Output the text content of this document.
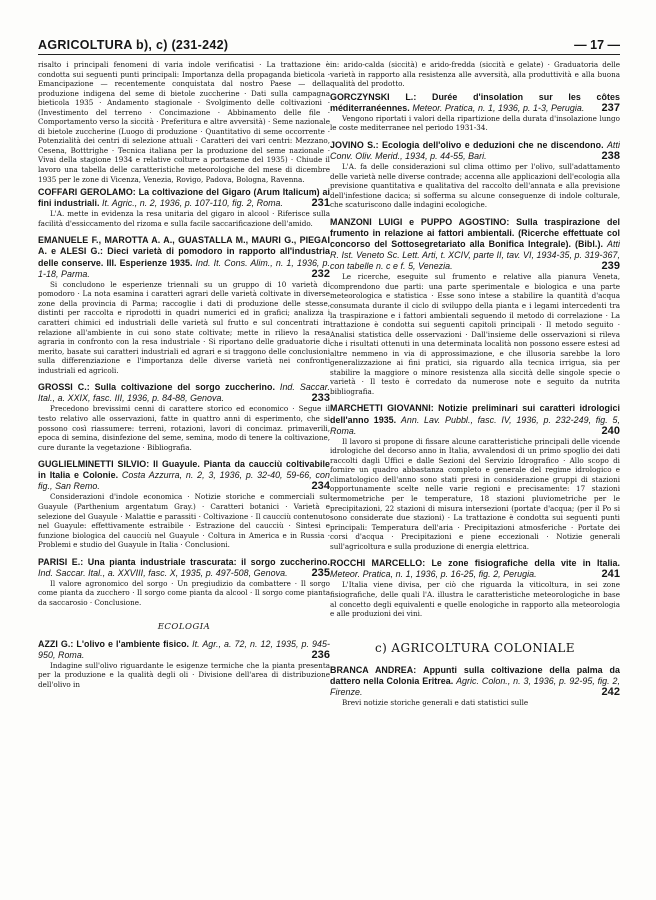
AGRICOLTURA b), c) (231-242)	— 17 —

risalto i principali fenomeni di varia indole verificatisi · La trattazione è condotta sui seguenti punti principali: Importanza della propaganda bieticola · Emancipazione — recentemente conquistata dal nostro Paese — della produzione indigena del seme di bietole zuccherine · Dati sulla campagna bieticola 1935 · Andamento stagionale · Svolgimento delle coltivazioni · (Investimento del terreno · Concimazione · Abbinamento delle file · Comportamento verso la siccità · Preferitura e altre avversità) · Seme nazionale di bietole zuccherine (Luogo di produzione · Quantitativo di seme occorrente · Potenzialità dei centri di selezione attuali · Caratteri dei vari centri: Mezzano, Cesena, Botttrighe · Tecnica italiana per la produzione del seme nazionale · Vivai della stagione 1934 e relative colture a portaseme del 1935) · Chiude il lavoro una tabella delle caratteristiche meteorologiche del mese di dicembre 1935 per le zone di Vicenza, Venezia, Rovigo, Padova, Bologna, Ravenna.

COFFARI GEROLAMO: La coltivazione del Gigaro (Arum Italicum) ai fini industriali. It. Agric., n. 2, 1936, p. 107-110, fig. 2, Roma.	231

L'A. mette in evidenza la resa unitaria del gigaro in alcool · Riferisce sulla facilità d'essiccamento del rizoma e sulla facile saccarificazione dell'amido.

EMANUELE F., MAROTTA A. A., GUASTALLA M., MAURI G., PIEGAI A. e ALESI G.: Dieci varietà di pomodoro in rapporto all'industria delle conserve. III. Esperienze 1935. Ind. It. Cons. Alim., n. 1, 1936, p. 1-18, Parma.	232

Si concludono le esperienze triennali su un gruppo di 10 varietà di pomodoro · La nota esamina i caratteri agrari delle varietà coltivate in diverse zone della provincia di Parma; raccoglie i dati di produzione delle stesse, distinti per raccolta e riprodotti in quadri numerici ed in grafici; analizza i caratteri chimici ed industriali delle varietà sul frutto e sul concentrati in relazione all'ambiente in cui sono state coltivate; mette in rilievo la resa agraria in confronto con la resa industriale · Si riportano delle graduatorie di merito, basate sui caratteri industriali ed agrari e si traggono delle conclusioni sulla differenziazione e l'importanza delle diverse varietà nei confronti industriali ed agricoli.

GROSSI C.: Sulla coltivazione del sorgo zuccherino. Ind. Saccar. Ital., a. XXIX, fasc. III, 1936, p. 84-88, Genova.	233

Precedono brevissimi cenni di carattere storico ed economico · Segue il testo relativo alle osservazioni, fatte in quattro anni di esperimento, che si possono così riassumere: terreni, rotazioni, lavori di concimaz. primaverili, epoca di semina, disinfezione del seme, semina, modo di tenere la coltivazione, cure durante la vegetazione · Bibliografia.

GUGLIELMINETTI SILVIO: Il Guayule. Pianta da caucciù coltivabile in Italia e Colonie. Costa Azzurra, n. 2, 3, 1936, p. 32-40, 59-66, con fig., San Remo.	234

Considerazioni d'indole economica · Notizie storiche e commerciali sul Guayule (Parthenium argentatum Gray.) · Caratteri botanici · Varietà e selezione del Guayule · Malattie e parassiti · Coltivazione · Il caucciù contenuto nel Guayule: effettivamente estraibile · Estrazione del caucciù · Sintesi e funzione biologica del caucciù nel Guayule · Coltura in America e in Russia · Problemi e studio del Guayule in Italia · Conclusioni.

PARISI E.: Una pianta industriale trascurata: il sorgo zuccherino. Ind. Saccar. Ital., a. XXVIII, fasc. X, 1935, p. 497-508, Genova. 235

Il valore agronomico del sorgo · Un pregiudizio da combattere · Il sorgo come pianta da zucchero · Il sorgo come pianta da alcool · Il sorgo come pianta da saccarosio · Conclusione.

ECOLOGIA

AZZI G.: L'olivo e l'ambiente fisico. It. Agr., a. 72, n. 12, 1935, p. 945-950, Roma.	236

Indagine sull'olivo riguardante le esigenze termiche che la pianta presenta per la produzione e la qualità degli oli · Divisione dell'area di distribuzione dell'olivo in

in: arido-calda (siccità) e arido-fredda (siccità e gelate) · Graduatoria delle varietà in rapporto alla resistenza alle avversità, alla produttività e alla buona qualità del prodotto.

GORCZYNSKI L.: Durée d'insolation sur les côtes méditerranéennes. Meteor. Pratica, n. 1, 1936, p. 1-3, Perugia. 237

Vengono riportati i valori della ripartizione della durata d'insolazione lungo le coste mediterranee nel periodo 1931-34.

JOVINO S.: Ecologia dell'olivo e deduzioni che ne discendono. Atti Conv. Oliv. Merid., 1934, p. 44-55, Bari.	238

L'A. fa delle considerazioni sul clima ottimo per l'olivo, sull'adattamento delle varietà nelle diverse contrade; accenna alle applicazioni dell'ecologia alla previsione quantitativa e qualitativa del raccolto dell'annata e alla previsione dell'infestione dacica; si sofferma su alcune conseguenze di indole colturale, che scaturiscono dalle indagini ecologiche.

MANZONI LUIGI e PUPPO AGOSTINO: Sulla traspirazione del frumento in relazione ai fattori ambientali. (Ricerche effettuate col concorso del Sottosegretariato alla Bonifica Integrale). (Bibl.). Atti R. Ist. Veneto Sc. Lett. Arti, t. XCIV, parte II, tav. VI, 1934-35, p. 319-367, con tabelle n. c e f. 5, Venezia.	239

Le ricerche, eseguite sul frumento e relative alla pianura Veneta, comprendono due parti: una parte sperimentale e biologica e una parte meteorologica e statistica · Esse sono intese a stabilire la quantità d'acqua consumata durante il ciclo di sviluppo della pianta e i legami intercedenti tra la traspirazione e i fattori ambientali seguendo il metodo di correlazione · La trattazione è condotta sui seguenti capitoli principali · Il metodo seguito · Analisi statistica delle osservazioni · Dall'insieme delle osservazioni si rileva che i risultati ottenuti in una determinata località non possono essere estesi ad altre nemmeno in via di approssimazione, e che illusoria sarebbe la loro generalizzazione ai fini pratici, sia riguardo alla tecnica irrigua, sia per stabilire la maggiore o minore resistenza alla siccità delle singole specie o varietà · Il testo è corredato da numerose note e seguito da nutrita bibliografia.

MARCHETTI GIOVANNI: Notizie preliminari sui caratteri idrologici dell'anno 1935. Ann. Lav. Pubbl., fasc. IV, 1936, p. 232-249, fig. 5, Roma.	240

Il lavoro si propone di fissare alcune caratteristiche principali delle vicende idrologiche del decorso anno in Italia, avvalendosi di un primo spoglio dei dati raccolti dagli Uffici e dalle Sezioni del Servizio Idrografico · Allo scopo di fornire un quadro abbastanza completo e generale del regime idrologico e climatologico dell'anno sono stati presi in considerazione gruppi di stazioni opportunamente scelte nelle varie regioni e precisamente: 17 stazioni termometriche per le temperature, 18 stazioni pluviometriche per le precipitazioni, 22 stazioni di misura intersezioni (portate d'acqua; (per il Po si sono considerate due stazioni) · La trattazione è condotta sui seguenti punti principali: Temperatura dell'aria · Precipitazioni atmosferiche · Portate dei corsi d'acqua · Precipitazioni e piene eccezionali · Notizie generali sull'agricoltura e sulla produzione di energia elettrica.

ROCCHI MARCELLO: Le zone fisiografiche della vite in Italia. Meteor. Pratica, n. 1, 1936, p. 16-25, fig. 2, Perugia.	241

L'Italia viene divisa, per ciò che riguarda la viticoltura, in sei zone fisiografiche, delle quali l'A. illustra le caratteristiche meteorologiche in base al concetto degli equivalenti e quelle enologiche in rapporto alla meteorologia e alle produzioni dei vini.

c) AGRICOLTURA COLONIALE

BRANCA ANDREA: Appunti sulla coltivazione della palma da dattero nella Colonia Eritrea. Agric. Colon., n. 3, 1936, p. 92-95, fig. 2, Firenze.	242

Brevi notizie storiche generali e dati statistici sulle
